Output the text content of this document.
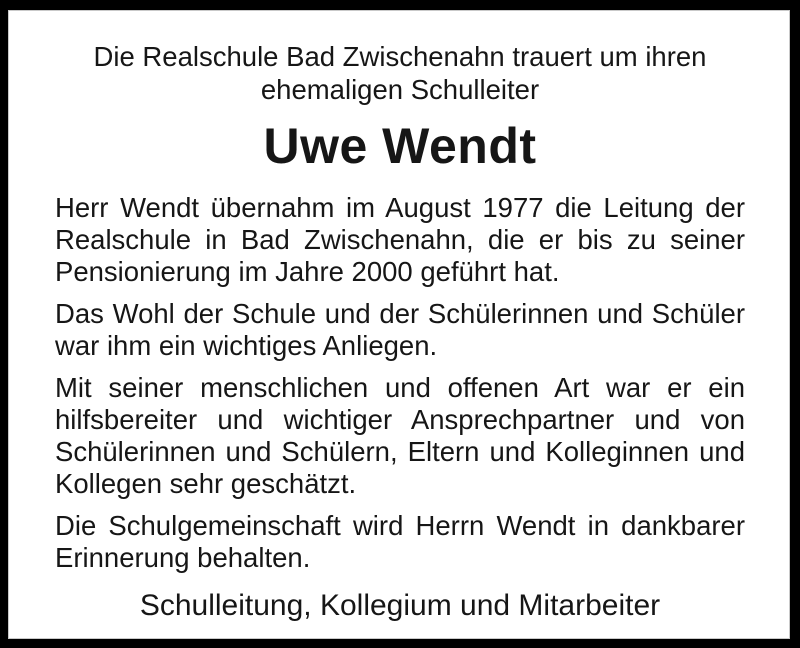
Die Realschule Bad Zwischenahn trauert um ihren
ehemaligen Schulleiter
Uwe Wendt
Herr Wendt übernahm im August 1977 die Leitung der
Realschule in Bad Zwischenahn, die er bis zu seiner
Pensionierung im Jahre 2000 geführt hat.
Das Wohl der Schule und der Schülerinnen und Schüler
war ihm ein wichtiges Anliegen.
Mit seiner menschlichen und offenen Art war er ein
hilfsbereiter und wichtiger Ansprechpartner und von
Schülerinnen und Schülern, Eltern und Kolleginnen und
Kollegen sehr geschätzt.
Die Schulgemeinschaft wird Herrn Wendt in dankbarer
Erinnerung behalten.
Schulleitung, Kollegium und Mitarbeiter
